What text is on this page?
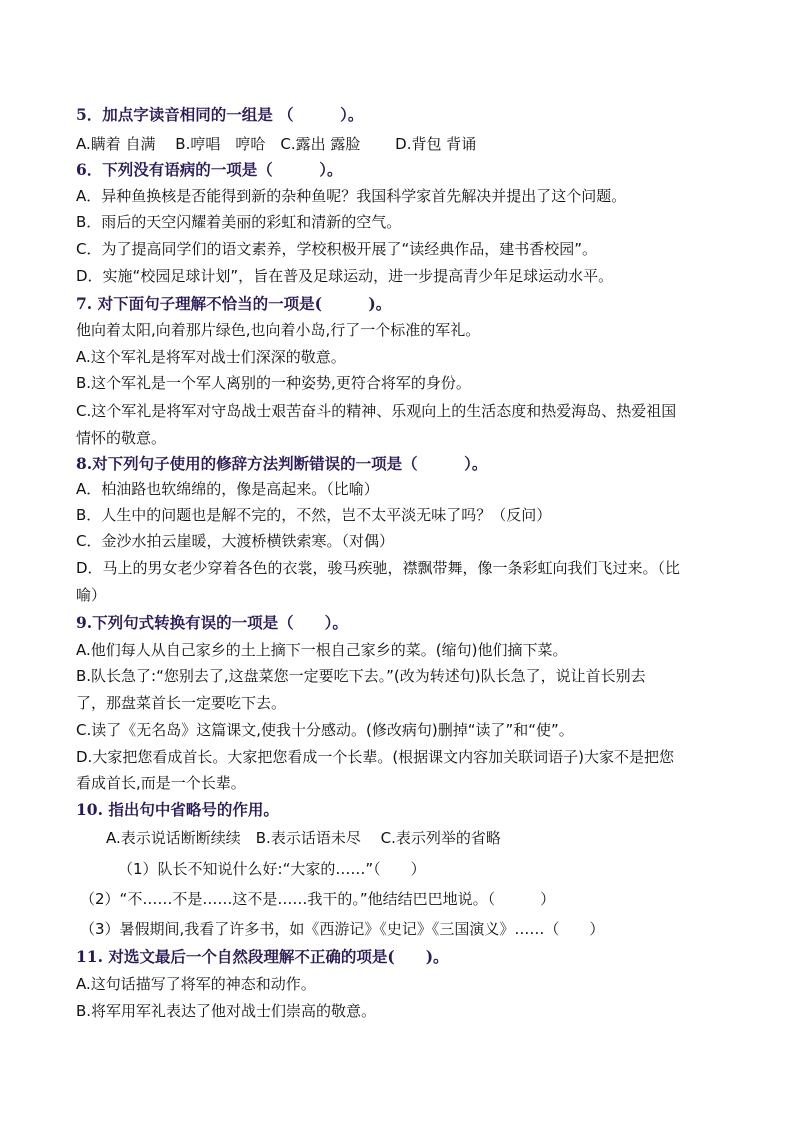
5．加点字读音相同的一组是 （　　　）。
A.瞒着 自满　 B.哼唱　哼哈　C.露出 露脸　　 D.背包 背诵
6．下列没有语病的一项是（　　　）。
A．异种鱼换核是否能得到新的杂种鱼呢？我国科学家首先解决并提出了这个问题。
B．雨后的天空闪耀着美丽的彩虹和清新的空气。
C．为了提高同学们的语文素养，学校积极开展了“读经典作品，建书香校园”。
D．实施“校园足球计划”，旨在普及足球运动，进一步提高青少年足球运动水平。
7. 对下面句子理解不恰当的一项是(　　　)。
他向着太阳,向着那片绿色,也向着小岛,行了一个标准的军礼。
A.这个军礼是将军对战士们深深的敬意。
B.这个军礼是一个军人离别的一种姿势,更符合将军的身份。
C.这个军礼是将军对守岛战士艰苦奋斗的精神、乐观向上的生活态度和热爱海岛、热爱祖国
情怀的敬意。
8.对下列句子使用的修辞方法判断错误的一项是（　　　）。
A．柏油路也软绵绵的，像是高起来。（比喻）
B．人生中的问题也是解不完的，不然，岂不太平淡无味了吗？（反问）
C．金沙水拍云崖暖，大渡桥横铁索寒。（对偶）
D．马上的男女老少穿着各色的衣裳，骏马疾驰，襟飘带舞，像一条彩虹向我们飞过来。（比
喻）
9.下列句式转换有误的一项是（　　）。
A.他们每人从自己家乡的土上摘下一根自己家乡的菜。(缩句)他们摘下菜。
B.队长急了:“您别去了,这盘菜您一定要吃下去。”(改为转述句)队长急了，说让首长别去
了，那盘菜首长一定要吃下去。
C.读了《无名岛》这篇课文,使我十分感动。(修改病句)删掉“读了”和“使”。
D.大家把您看成首长。大家把您看成一个长辈。(根据课文内容加关联词语子)大家不是把您
看成首长,而是一个长辈。
10. 指出句中省略号的作用。
A.表示说话断断续续　B.表示话语未尽　 C.表示列举的省略
（1）队长不知说什么好:“大家的……”（　　）
（2）“不……不是……这不是……我干的。”他结结巴巴地说。（　　　）
（3）暑假期间,我看了许多书，如《西游记》《史记》《三国演义》……（　　）
11. 对选文最后一个自然段理解不正确的项是(　　)。
A.这句话描写了将军的神态和动作。
B.将军用军礼表达了他对战士们崇高的敬意。
